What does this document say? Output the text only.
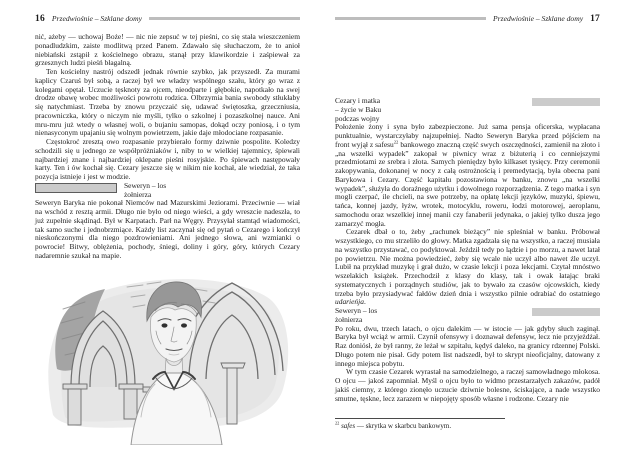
16 Przedwiośnie – Szklane domy

nić, ażeby — uchowaj Boże! — nic nie zepsuć w tej pieśni, co się stała wieszczeniem ponadludzkim, zaiste modlitwą przed Panem. Zdawało się słuchaczom, że to anioł niebiański zstąpił z kościelnego obrazu, stanął przy klawikordzie i zaśpiewał za grzesznych ludzi pieśń błagalną.

Ten kościelny nastrój odszedł jednak równie szybko, jak przyszedł. Za murami kaplicy Czaruś był sobą, a raczej był we władzy wspólnego szału, który go wraz z kolegami opętał. Uczucie tęsknoty za ojcem, nieodparte i głębokie, napotkało na swej drodze obawę wobec możliwości powrotu rodzica. Olbrzymia bania swobody stłukłaby się natychmiast. Trzeba by znowu przyczaić się, udawać świętoszka, grzeczniusia, pracowniczka, który o niczym nie myśli, tylko o szkolnej i pozaszkolnej nauce. Ani mru-mru już wtedy o własnej woli, o bujaniu samopas, dokąd oczy poniosą, i o tym nienasyconym upajaniu się wolnym powietrzem, jakie daje młodociane rozpasanie.

Częstokroć zresztą owo rozpasanie przybierało formy dziwnie pospolite. Koledzy schodzili się u jednego ze współpróżniaków i, niby to w wielkiej tajemnicy, śpiewali najbardziej znane i najbardziej oklepane pieśni rosyjskie. Po śpiewach następowały karty. Ten i ów kochał się. Cezary jeszcze się w nikim nie kochał, ale wiedział, że taka pozycja istnieje i jest w modzie.

Seweryn – los
żołnierza
Seweryn Baryka nie pokonał Niemców nad Mazurskimi Jeziorami. Przeciwnie — wiał na wschód z resztą armii. Długo nie było od niego wieści, a gdy wreszcie nadeszła, to już zupełnie skądinąd. Był w Karpatach. Parł na Węgry. Przysyłał stamtąd wiadomości, tak samo suche i jednobrzmiące. Każdy list zaczynał się od pytań o Cezarego i kończył nieskończonymi dla niego pozdrowieniami. Ani jednego słowa, ani wzmianki o powrocie! Bitwy, oblężenia, pochody, śniegi, doliny i góry, góry, których Cezary nadaremnie szukał na mapie.

Przedwiośnie – Szklane domy 17

Cezary i matka
– życie w Baku
podczas wojny
Położenie żony i syna było zabezpieczone. Już sama pensja oficerska, wypłacana punktualnie, wystarczyłaby najzupełniej. Nadto Seweryn Baryka przed pójściem na front wyjął z safesu$^{22}$ bankowego znaczną część swych oszczędności, zamienił na złoto i „na wszelki wypadek” zakopał w piwnicy wraz z biżuterią i co cenniejszymi przedmiotami ze srebra i złota. Samych pieniędzy było kilkaset tysięcy. Przy ceremonii zakopywania, dokonanej w nocy z całą ostrożnością i premedytacją, była obecna pani Barykowa i Cezary. Część kapitału pozostawiona w banku, znowu „na wszelki wypadek”, służyła do doraźnego użytku i dowolnego rozporządzenia. Z tego matka i syn mogli czerpać, ile chcieli, na swe potrzeby, na opłatę lekcji języków, muzyki, śpiewu, tańca, konnej jazdy, łyżw, wrotek, motocyklu, roweru, łodzi motorowej, aeroplanu, samochodu oraz wszelkiej innej manii czy fanaberii jedynaka, o jakiej tylko dusza jego zamarzyć mogła.

Cezarek dbał o to, żeby „rachunek bieżący” nie spleśniał w banku. Próbował wszystkiego, co mu strzeliło do głowy. Matka zgadzała się na wszystko, a raczej musiała na wszystko przystawać, co podyktował. Jeździł tedy po lądzie i po morzu, a nawet latał po powietrzu. Nie można powiedzieć, żeby się wcale nie uczył albo nawet źle uczył. Lubił na przykład muzykę i grał dużo, w czasie lekcji i poza lekcjami. Czytał mnóstwo wszelakich książek. Przechodził z klasy do klasy, tak i owak łatając braki systematycznych i porządnych studiów, jak to bywało za czasów ojcowskich, kiedy trzeba było przysiadywać fałdów dzień dnia i wszystko pilnie odrabiać do ostatniego udarieńja.

Seweryn – los
żołnierza
Po roku, dwu, trzech latach, o ojcu dalekim — w istocie — jak gdyby słuch zaginął. Baryka był wciąż w armii. Czynił ofensywy i doznawał defensyw, lecz nie przyjeżdżał. Raz doniósł, że był ranny, że leżał w szpitalu, kędyś daleko, na granicy rdzennej Polski. Długo potem nie pisał. Gdy potem list nadszedł, był to skrypt nieoficjalny, datowany z innego miejsca pobytu.

W tym czasie Cezarek wyrastał na samodzielnego, a raczej samowładnego młokosa. O ojcu — jakoś zapomniał. Myśl o ojcu było to widmo przestarzałych zakazów, padół jakiś ciemny, z którego zionęło uczucie dziwnie bolesne, ściskające, a nade wszystko smutne, tęskne, lecz zarazem w niepojęty sposób własne i rodzone. Cezary nie

$^{22}$ safes — skrytka w skarbcu bankowym.
